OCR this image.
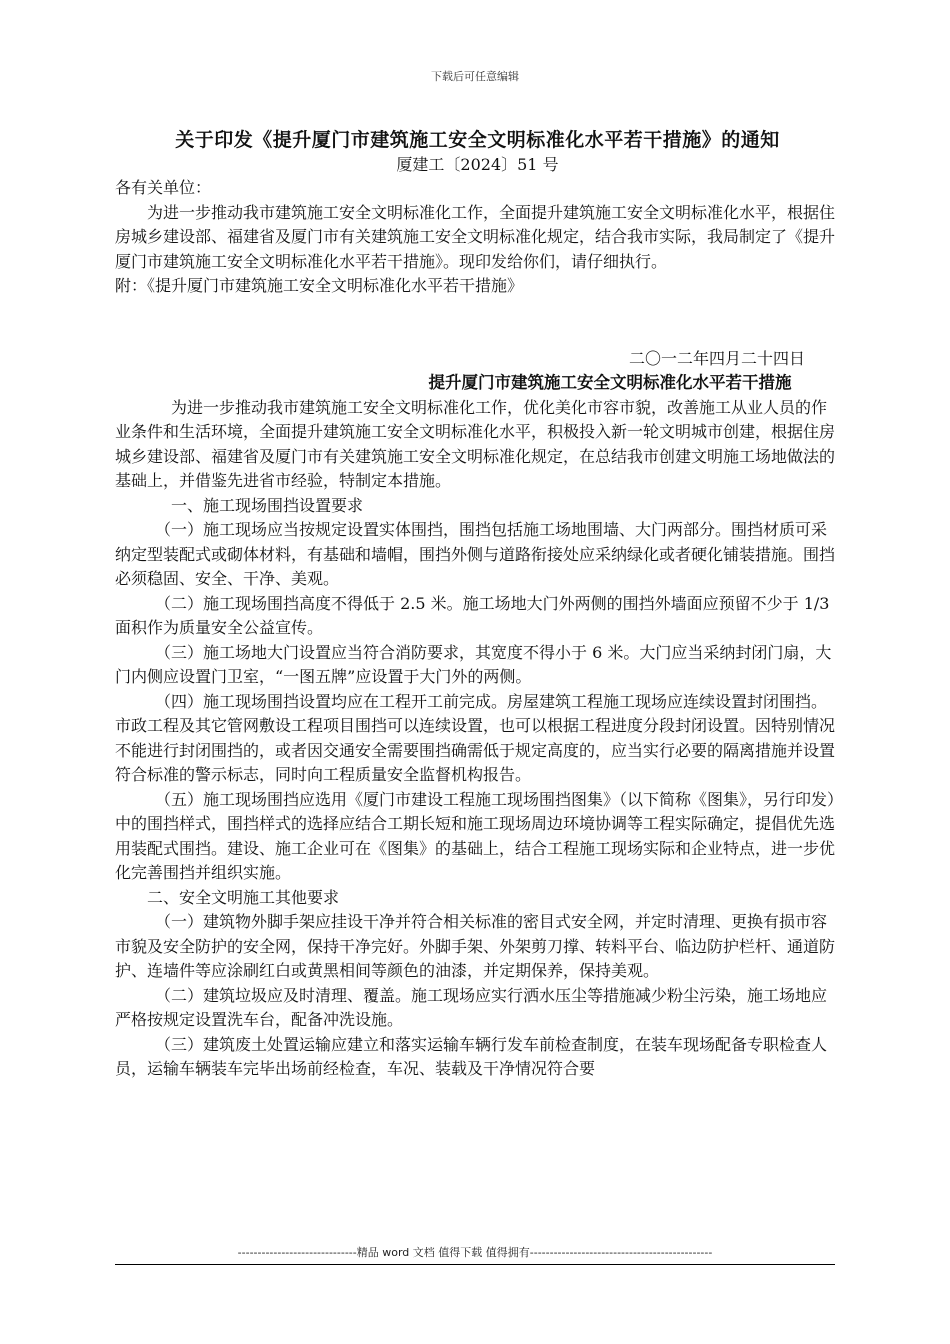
下载后可任意编辑
关于印发《提升厦门市建筑施工安全文明标准化水平若干措施》的通知
厦建工〔2024〕51 号

各有关单位：

为进一步推动我市建筑施工安全文明标准化工作，全面提升建筑施工安全文明标准化水平，根据住房城乡建设部、福建省及厦门市有关建筑施工安全文明标准化规定，结合我市实际，我局制定了《提升厦门市建筑施工安全文明标准化水平若干措施》。现印发给你们，请仔细执行。

附：《提升厦门市建筑施工安全文明标准化水平若干措施》

二〇一二年四月二十四日

提升厦门市建筑施工安全文明标准化水平若干措施

为进一步推动我市建筑施工安全文明标准化工作，优化美化市容市貌，改善施工从业人员的作业条件和生活环境，全面提升建筑施工安全文明标准化水平，积极投入新一轮文明城市创建，根据住房城乡建设部、福建省及厦门市有关建筑施工安全文明标准化规定，在总结我市创建文明施工场地做法的基础上，并借鉴先进省市经验，特制定本措施。

一、施工现场围挡设置要求

（一）施工现场应当按规定设置实体围挡，围挡包括施工场地围墙、大门两部分。围挡材质可采纳定型装配式或砌体材料，有基础和墙帽，围挡外侧与道路衔接处应采纳绿化或者硬化铺装措施。围挡必须稳固、安全、干净、美观。

（二）施工现场围挡高度不得低于 2.5 米。施工场地大门外两侧的围挡外墙面应预留不少于 1/3 面积作为质量安全公益宣传。

（三）施工场地大门设置应当符合消防要求，其宽度不得小于 6 米。大门应当采纳封闭门扇，大门内侧应设置门卫室，“一图五牌”应设置于大门外的两侧。

（四）施工现场围挡设置均应在工程开工前完成。房屋建筑工程施工现场应连续设置封闭围挡。市政工程及其它管网敷设工程项目围挡可以连续设置，也可以根据工程进度分段封闭设置。因特别情况不能进行封闭围挡的，或者因交通安全需要围挡确需低于规定高度的，应当实行必要的隔离措施并设置符合标准的警示标志，同时向工程质量安全监督机构报告。

（五）施工现场围挡应选用《厦门市建设工程施工现场围挡图集》（以下简称《图集》，另行印发）中的围挡样式，围挡样式的选择应结合工期长短和施工现场周边环境协调等工程实际确定，提倡优先选用装配式围挡。建设、施工企业可在《图集》的基础上，结合工程施工现场实际和企业特点，进一步优化完善围挡并组织实施。

二、安全文明施工其他要求

（一）建筑物外脚手架应挂设干净并符合相关标准的密目式安全网，并定时清理、更换有损市容市貌及安全防护的安全网，保持干净完好。外脚手架、外架剪刀撑、转料平台、临边防护栏杆、通道防护、连墙件等应涂刷红白或黄黑相间等颜色的油漆，并定期保养，保持美观。

（二）建筑垃圾应及时清理、覆盖。施工现场应实行洒水压尘等措施减少粉尘污染，施工场地应严格按规定设置洗车台，配备冲洗设施。

（三）建筑废土处置运输应建立和落实运输车辆行发车前检查制度，在装车现场配备专职检查人员，运输车辆装车完毕出场前经检查，车况、装载及干净情况符合要

------------------------------精品 word 文档 值得下载 值得拥有----------------------------------------------
